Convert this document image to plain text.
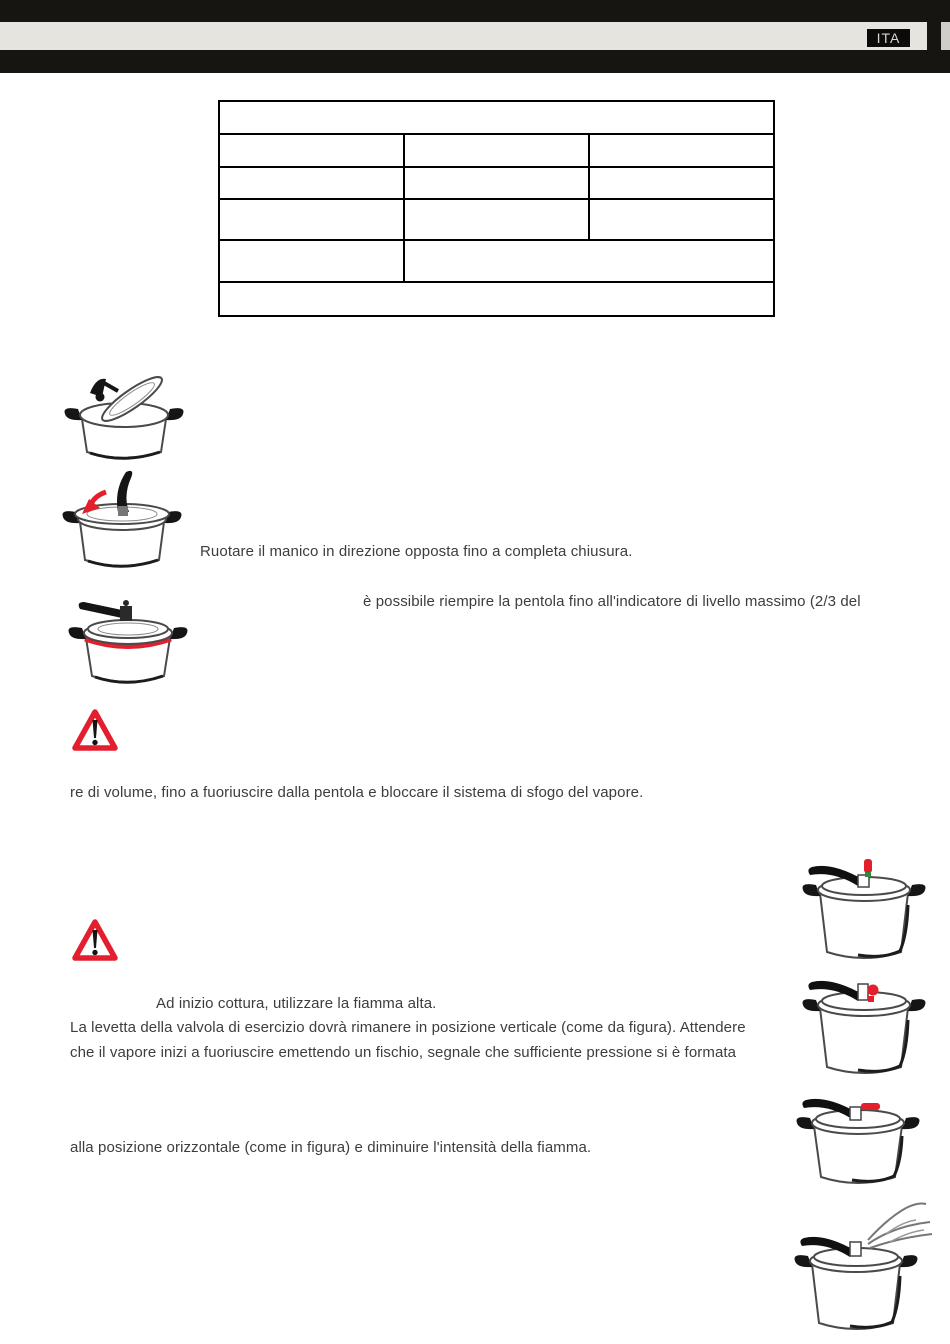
ITA

Ruotare il manico in direzione opposta fino a completa chiusura.
è possibile riempire la pentola fino all'indicatore di livello massimo (2/3 del
re di volume, fino a fuoriuscire dalla pentola e bloccare il sistema di sfogo del vapore.
Ad inizio cottura, utilizzare la fiamma alta.
La levetta della valvola di esercizio dovrà rimanere in posizione verticale (come da figura). Attendere
che il vapore inizi a fuoriuscire emettendo un fischio, segnale che sufficiente pressione si è formata
alla posizione orizzontale (come in figura) e diminuire l'intensità della fiamma.
